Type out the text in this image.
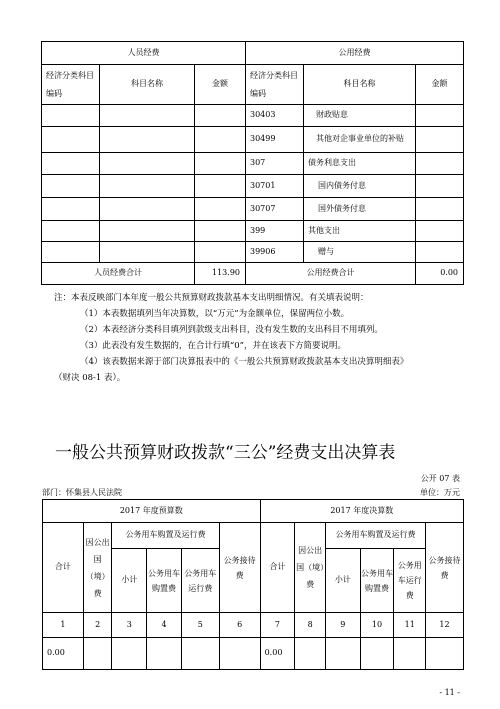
人员经费			公用经费		
经济分类科目编码	科目名称	金额	经济分类科目编码	科目名称	金额
			30403	财政贴息	
			30499	其他对企事业单位的补贴	
			307	债务利息支出	
			30701	国内债务付息	
			30707	国外债务付息	
			399	其他支出	
			39906	赠与	
人员经费合计		113.90	公用经费合计		0.00

注：本表反映部门本年度一般公共预算财政拨款基本支出明细情况。有关填表说明：

（1）本表数据填列当年决算数，以“万元”为金额单位，保留两位小数。

（2）本表经济分类科目填列到款级支出科目，没有发生数的支出科目不用填列。

（3）此表没有发生数据的，在合计行填“0”，并在该表下方简要说明。

（4）该表数据来源于部门决算报表中的《一般公共预算财政拨款基本支出决算明细表》

（财决 08-1 表）。

一般公共预算财政拨款“三公”经费支出决算表
公开 07 表
部门：怀集县人民法院	单位：万元
2017 年度预算数						2017 年度决算数					
合计	因公出国（境）费	公务用车购置及运行费			公务接待费	合计	因公出国（境）费	公务用车购置及运行费			公务接待费
		小计	公务用车购置费	公务用车运行费				小计	公务用车购置费	公务用车运行费	
1	2	3	4	5	6	7	8	9	10	11	12
0.00						0.00					
- 11 -
